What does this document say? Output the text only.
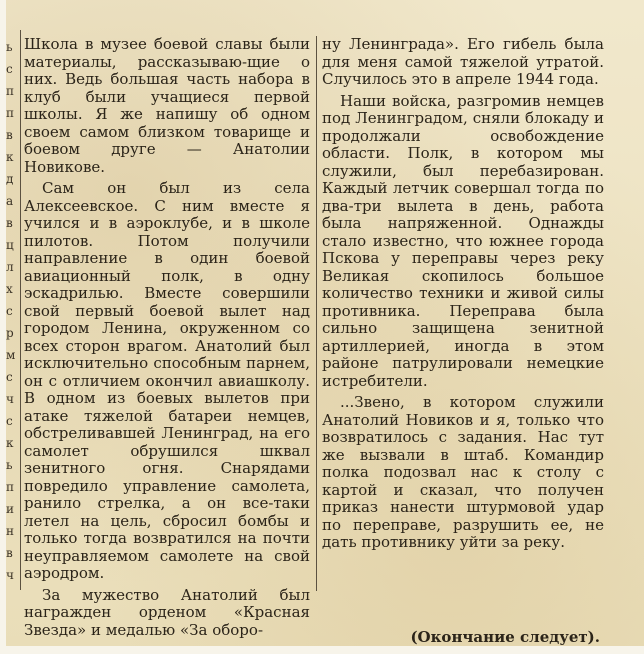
ь
с
п
п
в
к
д
а
в
ц
л
х
с
р
м
с
ч
с
к
ь
п
и
н
в
ч

Школа в музее боевой славы были материалы, рассказываю-щие о них. Ведь большая часть набора в клуб были учащиеся первой школы. Я же напишу об одном своем самом близком товарище и боевом друге — Анатолии Новикове.

Сам он был из села Алексеевское. С ним вместе я учился и в аэроклубе, и в школе пилотов. Потом получили направление в один боевой авиационный полк, в одну эскадрилью. Вместе совершили свой первый боевой вылет над городом Ленина, окруженном со всех сторон врагом. Анатолий был исключительно способным парнем, он с отличием окончил авиашколу. В одном из боевых вылетов при атаке тяжелой батареи немцев, обстреливавшей Ленинград, на его самолет обрушился шквал зенитного огня. Снарядами повредило управление самолета, ранило стрелка, а он все-таки летел на цель, сбросил бомбы и только тогда возвратился на почти неуправляемом самолете на свой аэродром.

За мужество Анатолий был награжден орденом «Красная Звезда» и медалью «За оборо-

ну Ленинграда». Его гибель была для меня самой тяжелой утратой. Случилось это в апреле 1944 года.

Наши войска, разгромив немцев под Ленинградом, сняли блокаду и продолжали освобождение области. Полк, в котором мы служили, был перебазирован. Каждый летчик совершал тогда по два-три вылета в день, работа была напряженной. Однажды стало известно, что южнее города Пскова у переправы через реку Великая скопилось большое количество техники и живой силы противника. Переправа была сильно защищена зенитной артиллерией, иногда в этом районе патрулировали немецкие истребители.

...Звено, в котором служили Анатолий Новиков и я, только что возвратилось с задания. Нас тут же вызвали в штаб. Командир полка подозвал нас к столу с картой и сказал, что получен приказ нанести штурмовой удар по переправе, разрушить ее, не дать противнику уйти за реку.

(Окончание следует).
